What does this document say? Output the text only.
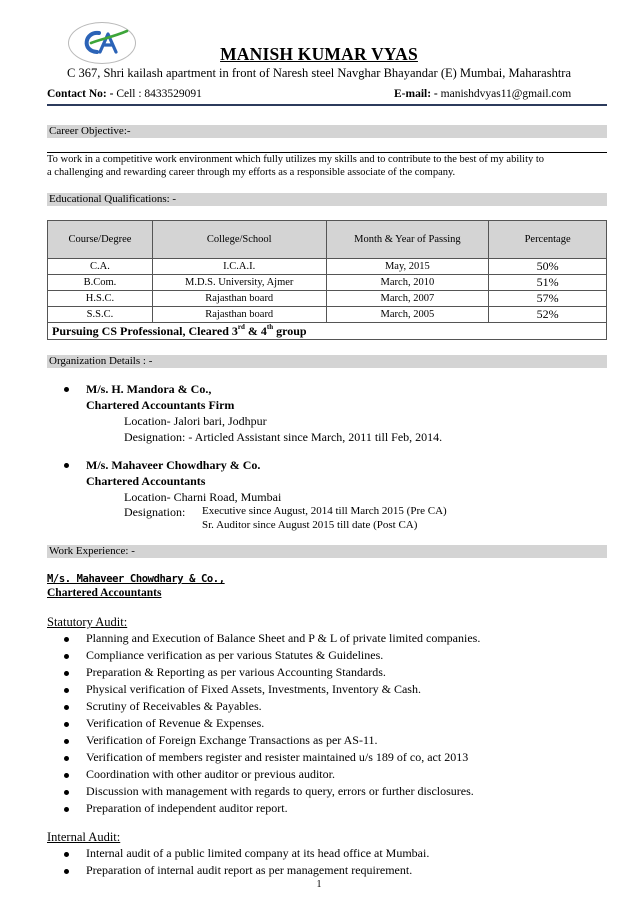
MANISH KUMAR VYAS
C 367, Shri kailash apartment in front of Naresh steel Navghar Bhayandar (E) Mumbai, Maharashtra
Contact No: - Cell : 8433529091	E-mail: - manishdvyas11@gmail.com
Career Objective:-
To work in a competitive work environment which fully utilizes my skills and to contribute to the best of my ability to
a challenging and rewarding career through my efforts as a responsible associate of the company.
Educational Qualifications: -
Course/Degree	College/School	Month & Year of Passing	Percentage
C.A.	I.C.A.I.	May, 2015	50%
B.Com.	M.D.S. University, Ajmer	March, 2010	51%
H.S.C.	Rajasthan board	March, 2007	57%
S.S.C.	Rajasthan board	March, 2005	52%
Pursuing CS Professional, Cleared 3rd & 4th group			
Organization Details : -
M/s. H. Mandora & Co.,
Chartered Accountants Firm
Location- Jalori bari, Jodhpur
Designation: - Articled Assistant since March, 2011 till Feb, 2014.
M/s. Mahaveer Chowdhary & Co.
Chartered Accountants
Location- Charni Road, Mumbai
Designation: Executive since August, 2014 till March 2015 (Pre CA)
Sr. Auditor since August 2015 till date (Post CA)
Work Experience: -
M/s. Mahaveer Chowdhary & Co.,
Chartered Accountants
Statutory Audit:
Planning and Execution of Balance Sheet and P & L of private limited companies.
Compliance verification as per various Statutes & Guidelines.
Preparation & Reporting as per various Accounting Standards.
Physical verification of Fixed Assets, Investments, Inventory & Cash.
Scrutiny of Receivables & Payables.
Verification of Revenue & Expenses.
Verification of Foreign Exchange Transactions as per AS-11.
Verification of members register and resister maintained u/s 189 of co, act 2013
Coordination with other auditor or previous auditor.
Discussion with management with regards to query, errors or further disclosures.
Preparation of independent auditor report.
Internal Audit:
Internal audit of a public limited company at its head office at Mumbai.
Preparation of internal audit report as per management requirement.
1
